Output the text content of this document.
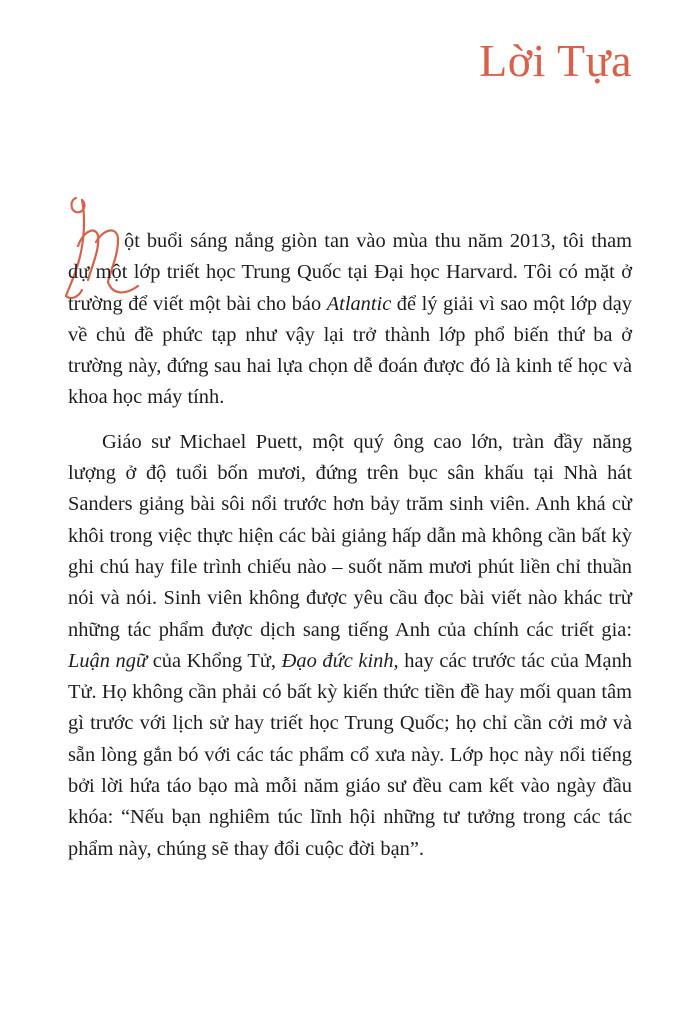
Lời Tựa

ột buổi sáng nắng giòn tan vào mùa thu năm 2013, tôi tham dự một lớp triết học Trung Quốc tại Đại học Harvard. Tôi có mặt ở trường để viết một bài cho báo Atlantic để lý giải vì sao một lớp dạy về chủ đề phức tạp như vậy lại trở thành lớp phổ biến thứ ba ở trường này, đứng sau hai lựa chọn dễ đoán được đó là kinh tế học và khoa học máy tính.

Giáo sư Michael Puett, một quý ông cao lớn, tràn đầy năng lượng ở độ tuổi bốn mươi, đứng trên bục sân khấu tại Nhà hát Sanders giảng bài sôi nổi trước hơn bảy trăm sinh viên. Anh khá cừ khôi trong việc thực hiện các bài giảng hấp dẫn mà không cần bất kỳ ghi chú hay file trình chiếu nào – suốt năm mươi phút liền chỉ thuần nói và nói. Sinh viên không được yêu cầu đọc bài viết nào khác trừ những tác phẩm được dịch sang tiếng Anh của chính các triết gia: Luận ngữ của Khổng Tử, Đạo đức kinh, hay các trước tác của Mạnh Tử. Họ không cần phải có bất kỳ kiến thức tiền đề hay mối quan tâm gì trước với lịch sử hay triết học Trung Quốc; họ chỉ cần cởi mở và sẵn lòng gắn bó với các tác phẩm cổ xưa này. Lớp học này nổi tiếng bởi lời hứa táo bạo mà mỗi năm giáo sư đều cam kết vào ngày đầu khóa: “Nếu bạn nghiêm túc lĩnh hội những tư tưởng trong các tác phẩm này, chúng sẽ thay đổi cuộc đời bạn”.
